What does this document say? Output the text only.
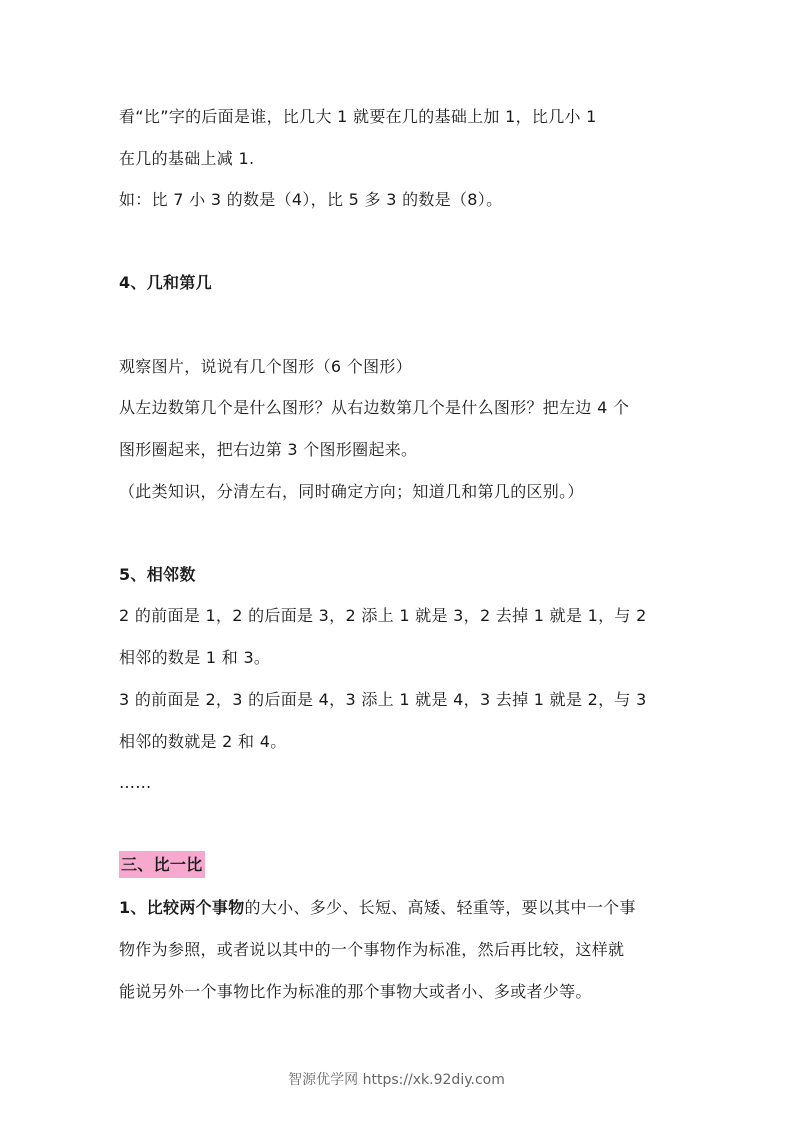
看“比”字的后面是谁，比几大 1 就要在几的基础上加 1，比几小 1
在几的基础上减 1.
如：比 7 小 3 的数是（4），比 5 多 3 的数是（8）。
4、几和第几
观察图片，说说有几个图形（6 个图形）
从左边数第几个是什么图形？从右边数第几个是什么图形？把左边 4 个
图形圈起来，把右边第 3 个图形圈起来。
（此类知识，分清左右，同时确定方向；知道几和第几的区别。）
5、相邻数
2 的前面是 1，2 的后面是 3，2 添上 1 就是 3，2 去掉 1 就是 1，与 2
相邻的数是 1 和 3。
3 的前面是 2，3 的后面是 4，3 添上 1 就是 4，3 去掉 1 就是 2，与 3
相邻的数就是 2 和 4。
……
三、比一比
1、比较两个事物的大小、多少、长短、高矮、轻重等，要以其中一个事
物作为参照，或者说以其中的一个事物作为标准，然后再比较，这样就
能说另外一个事物比作为标准的那个事物大或者小、多或者少等。
智源优学网 https://xk.92diy.com
